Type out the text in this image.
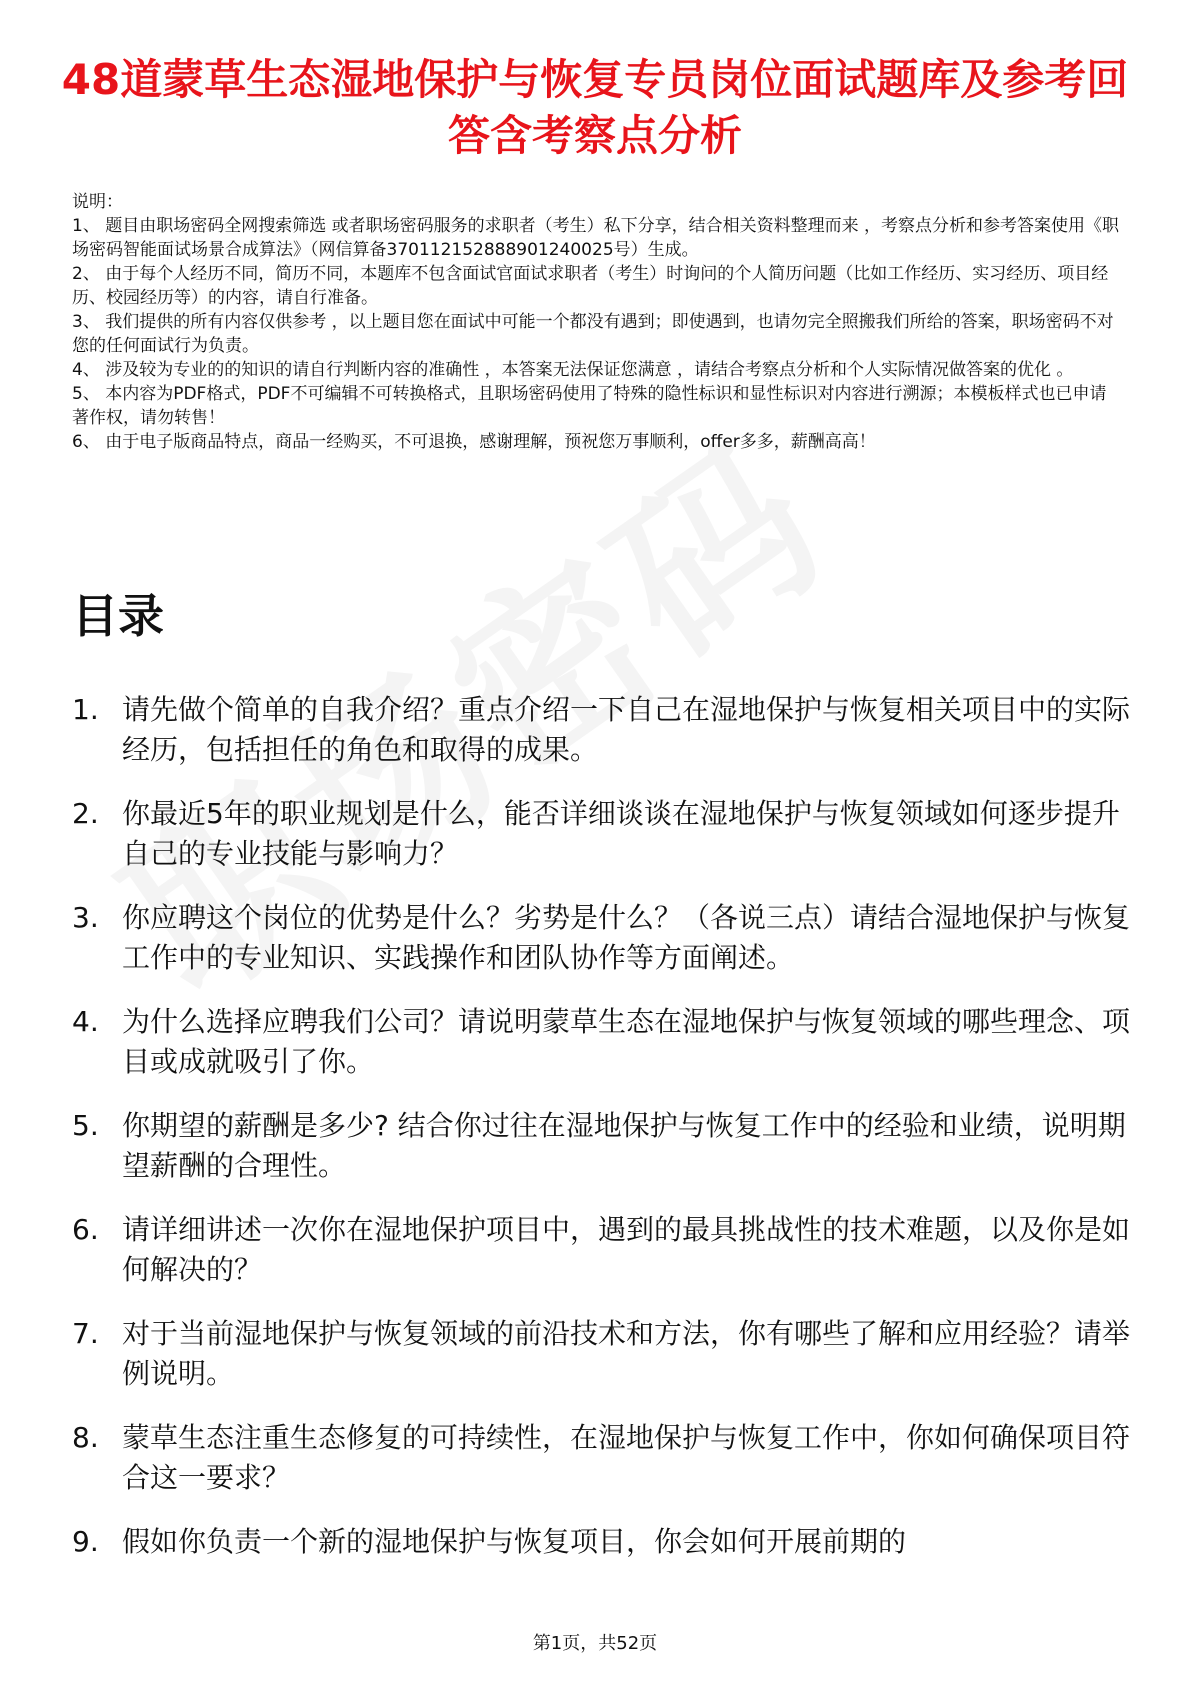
48道蒙草生态湿地保护与恢复专员岗位面试题库及参考回答含考察点分析

说明：

1、 题目由职场密码全网搜索筛选 或者职场密码服务的求职者（考生）私下分享，结合相关资料整理而来 ，考察点分析和参考答案使用《职场密码智能面试场景合成算法》（网信算备370112152888901240025号）生成。

2、 由于每个人经历不同，简历不同，本题库不包含面试官面试求职者（考生）时询问的个人简历问题（比如工作经历、实习经历、项目经历、校园经历等）的内容，请自行准备。

3、 我们提供的所有内容仅供参考 ，以上题目您在面试中可能一个都没有遇到；即使遇到，也请勿完全照搬我们所给的答案，职场密码不对您的任何面试行为负责。

4、 涉及较为专业的的知识的请自行判断内容的准确性 ，本答案无法保证您满意 ，请结合考察点分析和个人实际情况做答案的优化 。

5、 本内容为PDF格式，PDF不可编辑不可转换格式，且职场密码使用了特殊的隐性标识和显性标识对内容进行溯源；本模板样式也已申请著作权，请勿转售！

6、 由于电子版商品特点，商品一经购买，不可退换，感谢理解，预祝您万事顺利，offer多多，薪酬高高！

目录
1. 请先做个简单的自我介绍？重点介绍一下自己在湿地保护与恢复相关项目中的实际经历，包括担任的角色和取得的成果。
2. 你最近5年的职业规划是什么，能否详细谈谈在湿地保护与恢复领域如何逐步提升自己的专业技能与影响力？
3. 你应聘这个岗位的优势是什么？劣势是什么？（各说三点）请结合湿地保护与恢复工作中的专业知识、实践操作和团队协作等方面阐述。
4. 为什么选择应聘我们公司？请说明蒙草生态在湿地保护与恢复领域的哪些理念、项目或成就吸引了你。
5. 你期望的薪酬是多少? 结合你过往在湿地保护与恢复工作中的经验和业绩，说明期望薪酬的合理性。
6. 请详细讲述一次你在湿地保护项目中，遇到的最具挑战性的技术难题，以及你是如何解决的？
7. 对于当前湿地保护与恢复领域的前沿技术和方法，你有哪些了解和应用经验？请举例说明。
8. 蒙草生态注重生态修复的可持续性，在湿地保护与恢复工作中，你如何确保项目符合这一要求？
9. 假如你负责一个新的湿地保护与恢复项目，你会如何开展前期的
第1页，共52页
